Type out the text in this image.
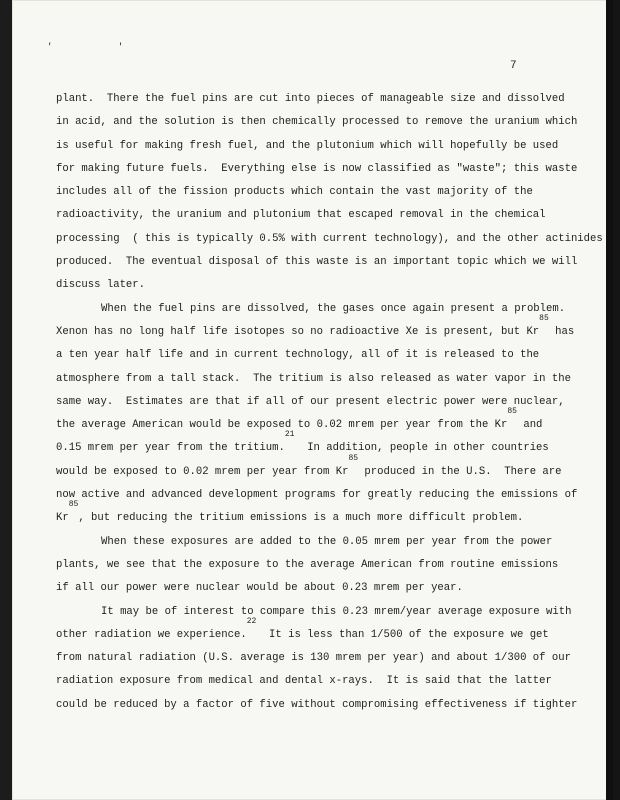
' '
7
plant.  There the fuel pins are cut into pieces of manageable size and dissolved
in acid, and the solution is then chemically processed to remove the uranium which
is useful for making fresh fuel, and the plutonium which will hopefully be used
for making future fuels.  Everything else is now classified as "waste"; this waste
includes all of the fission products which contain the vast majority of the
radioactivity, the uranium and plutonium that escaped removal in the chemical
processing  ( this is typically 0.5% with current technology), and the other actinides
produced.  The eventual disposal of this waste is an important topic which we will
discuss later.
When the fuel pins are dissolved, the gases once again present a problem.
Xenon has no long half life isotopes so no radioactive Xe is present, but Kr$^{85}$ has
a ten year half life and in current technology, all of it is released to the
atmosphere from a tall stack.  The tritium is also released as water vapor in the
same way.  Estimates are that if all of our present electric power were nuclear,
the average American would be exposed to 0.02 mrem per year from the Kr$^{85}$ and
0.15 mrem per year from the tritium.$^{21}$  In addition, people in other countries
would be exposed to 0.02 mrem per year from Kr$^{85}$ produced in the U.S.  There are
now active and advanced development programs for greatly reducing the emissions of
Kr$^{85}$, but reducing the tritium emissions is a much more difficult problem.
When these exposures are added to the 0.05 mrem per year from the power
plants, we see that the exposure to the average American from routine emissions
if all our power were nuclear would be about 0.23 mrem per year.
It may be of interest to compare this 0.23 mrem/year average exposure with
other radiation we experience.$^{22}$  It is less than 1/500 of the exposure we get
from natural radiation (U.S. average is 130 mrem per year) and about 1/300 of our
radiation exposure from medical and dental x-rays.  It is said that the latter
could be reduced by a factor of five without compromising effectiveness if tighter
